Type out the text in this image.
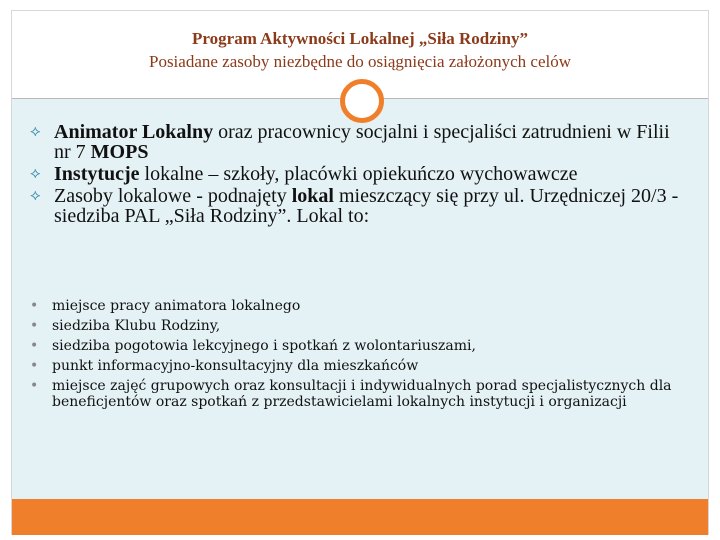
Program Aktywności Lokalnej „Siła Rodziny”
Posiadane zasoby niezbędne do osiągnięcia założonych celów
⟡ Animator Lokalny oraz pracownicy socjalni i specjaliści zatrudnieni w Filii nr 7 MOPS
⟡ Instytucje lokalne – szkoły, placówki opiekuńczo wychowawcze
⟡ Zasoby lokalowe - podnajęty lokal mieszczący się przy ul. Urzędniczej 20/3 -siedziba PAL „Siła Rodziny”. Lokal to:
• miejsce pracy animatora lokalnego
• siedziba Klubu Rodziny,
• siedziba pogotowia lekcyjnego i spotkań z wolontariuszami,
• punkt informacyjno-konsultacyjny dla mieszkańców
• miejsce zajęć grupowych oraz konsultacji i indywidualnych porad specjalistycznych dla beneficjentów oraz spotkań z przedstawicielami lokalnych instytucji i organizacji
